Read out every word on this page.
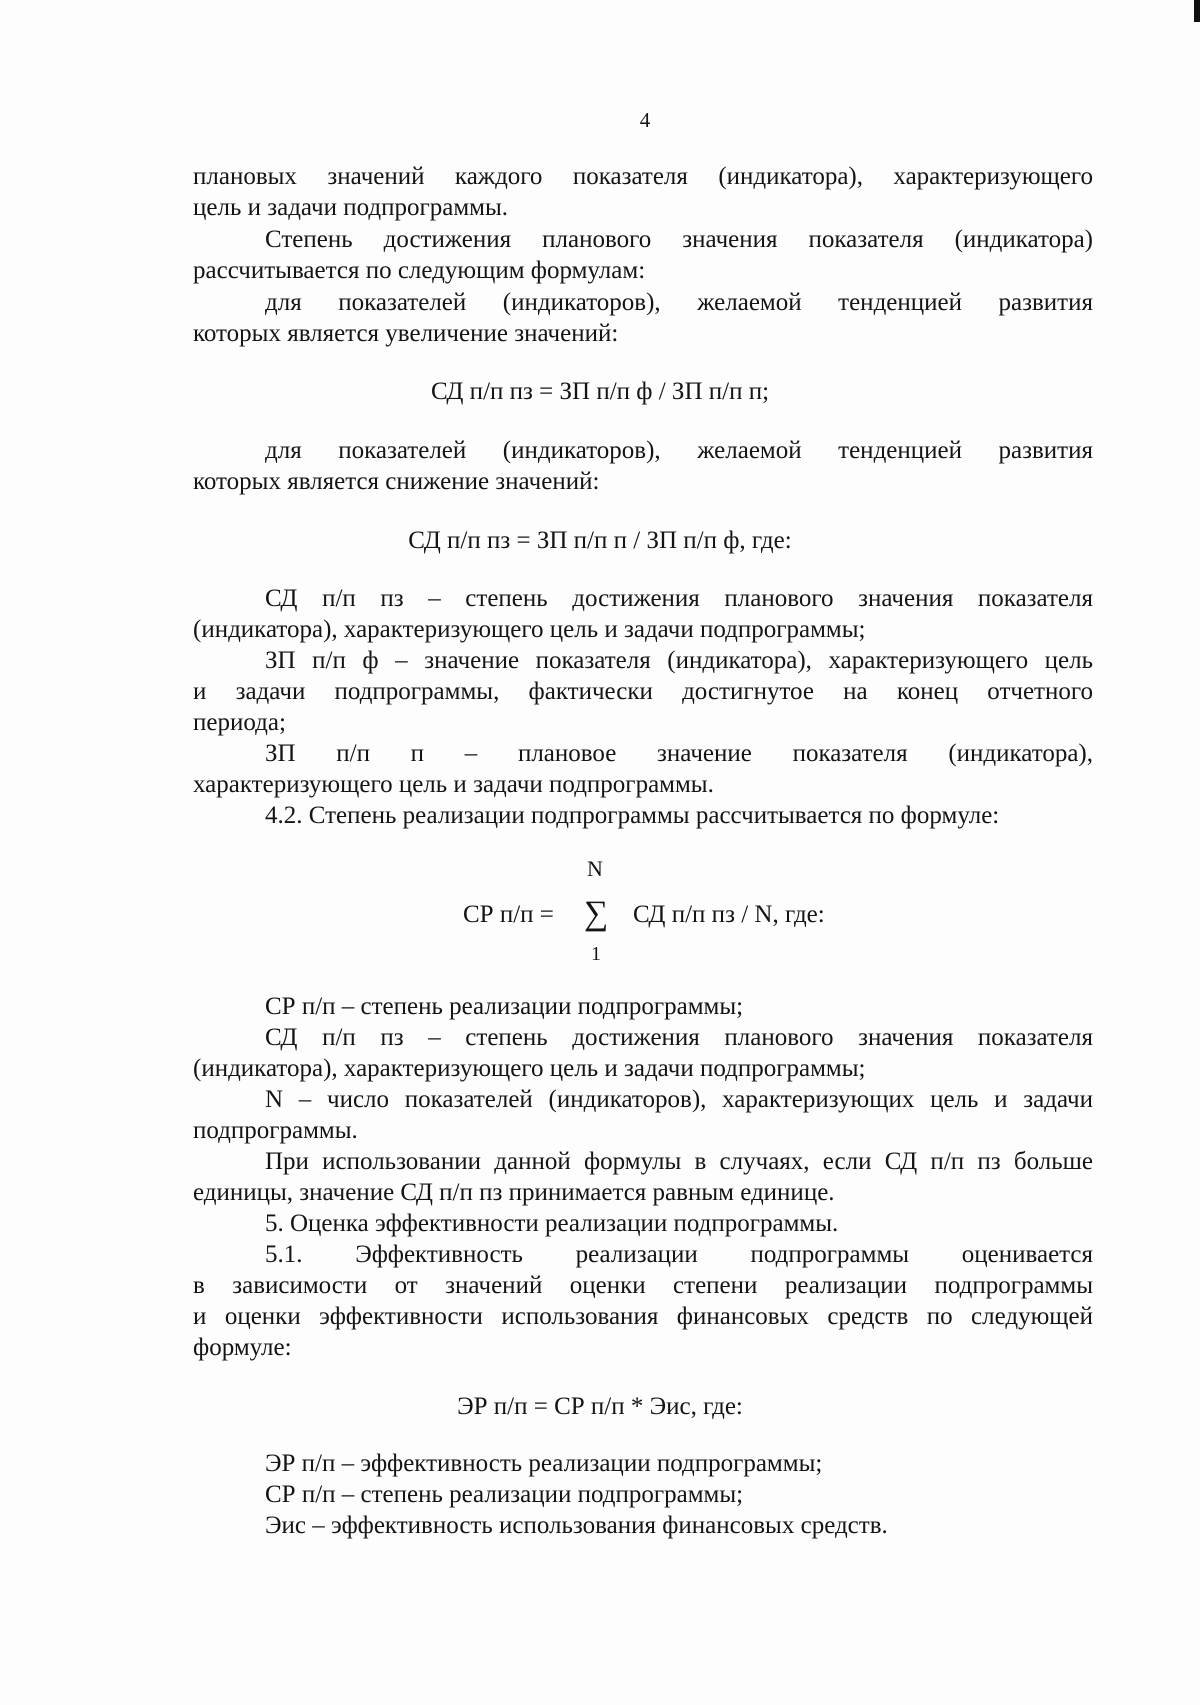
4
плановых значений каждого показателя (индикатора), характеризующего
цель и задачи подпрограммы.
Степень достижения планового значения показателя (индикатора)
рассчитывается по следующим формулам:
для показателей (индикаторов), желаемой тенденцией развития
которых является увеличение значений:
СД п/п пз = ЗП п/п ф / ЗП п/п п;
для показателей (индикаторов), желаемой тенденцией развития
которых является снижение значений:
СД п/п пз = ЗП п/п п / ЗП п/п ф, где:
СД п/п пз – степень достижения планового значения показателя
(индикатора), характеризующего цель и задачи подпрограммы;
ЗП п/п ф – значение показателя (индикатора), характеризующего цель
и задачи подпрограммы, фактически достигнутое на конец отчетного
периода;
ЗП п/п п – плановое значение показателя (индикатора),
характеризующего цель и задачи подпрограммы.
4.2. Степень реализации подпрограммы рассчитывается по формуле:
N
СР п/п = ∑ СД п/п пз / N, где:
1
СР п/п – степень реализации подпрограммы;
СД п/п пз – степень достижения планового значения показателя
(индикатора), характеризующего цель и задачи подпрограммы;
N – число показателей (индикаторов), характеризующих цель и задачи
подпрограммы.
При использовании данной формулы в случаях, если СД п/п пз больше
единицы, значение СД п/п пз принимается равным единице.
5. Оценка эффективности реализации подпрограммы.
5.1. Эффективность реализации подпрограммы оценивается
в зависимости от значений оценки степени реализации подпрограммы
и оценки эффективности использования финансовых средств по следующей
формуле:
ЭР п/п = СР п/п * Эис, где:
ЭР п/п – эффективность реализации подпрограммы;
СР п/п – степень реализации подпрограммы;
Эис – эффективность использования финансовых средств.
